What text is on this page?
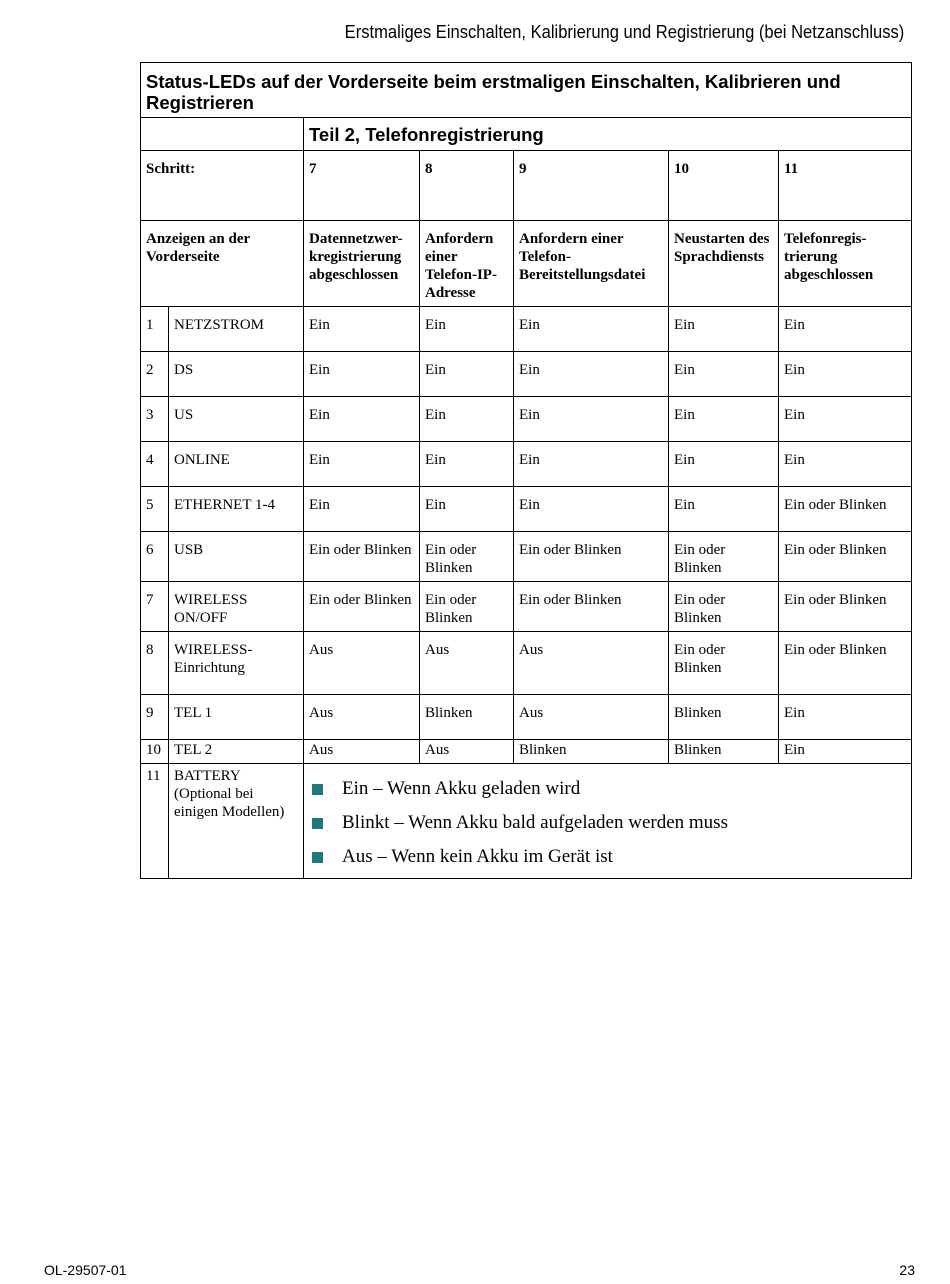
Erstmaliges Einschalten, Kalibrierung und Registrierung (bei Netzanschluss)
Status-LEDs auf der Vorderseite beim erstmaligen Einschalten, Kalibrieren und Registrieren						
		Teil 2, Telefonregistrierung				
Schritt:		7	8	9	10	11
Anzeigen an der Vorderseite		Datennetzwer-kregistrierung abgeschlossen	Anfordern einer Telefon-IP-Adresse	Anfordern einer Telefon-Bereitstellungsdatei	Neustarten des Sprachdiensts	Telefonregis-trierung abgeschlossen
1	NETZSTROM	Ein	Ein	Ein	Ein	Ein
2	DS	Ein	Ein	Ein	Ein	Ein
3	US	Ein	Ein	Ein	Ein	Ein
4	ONLINE	Ein	Ein	Ein	Ein	Ein
5	ETHERNET 1-4	Ein	Ein	Ein	Ein	Ein oder Blinken
6	USB	Ein oder Blinken	Ein oder Blinken	Ein oder Blinken	Ein oder Blinken	Ein oder Blinken
7	WIRELESS ON/OFF	Ein oder Blinken	Ein oder Blinken	Ein oder Blinken	Ein oder Blinken	Ein oder Blinken
8	WIRELESS-Einrichtung	Aus	Aus	Aus	Ein oder Blinken	Ein oder Blinken
9	TEL 1	Aus	Blinken	Aus	Blinken	Ein
10	TEL 2	Aus	Aus	Blinken	Blinken	Ein
11	BATTERY (Optional bei einigen Modellen)	Ein – Wenn Akku geladen wird
Blinkt – Wenn Akku bald aufgeladen werden muss
Aus – Wenn kein Akku im Gerät ist				
OL-29507-01	23
